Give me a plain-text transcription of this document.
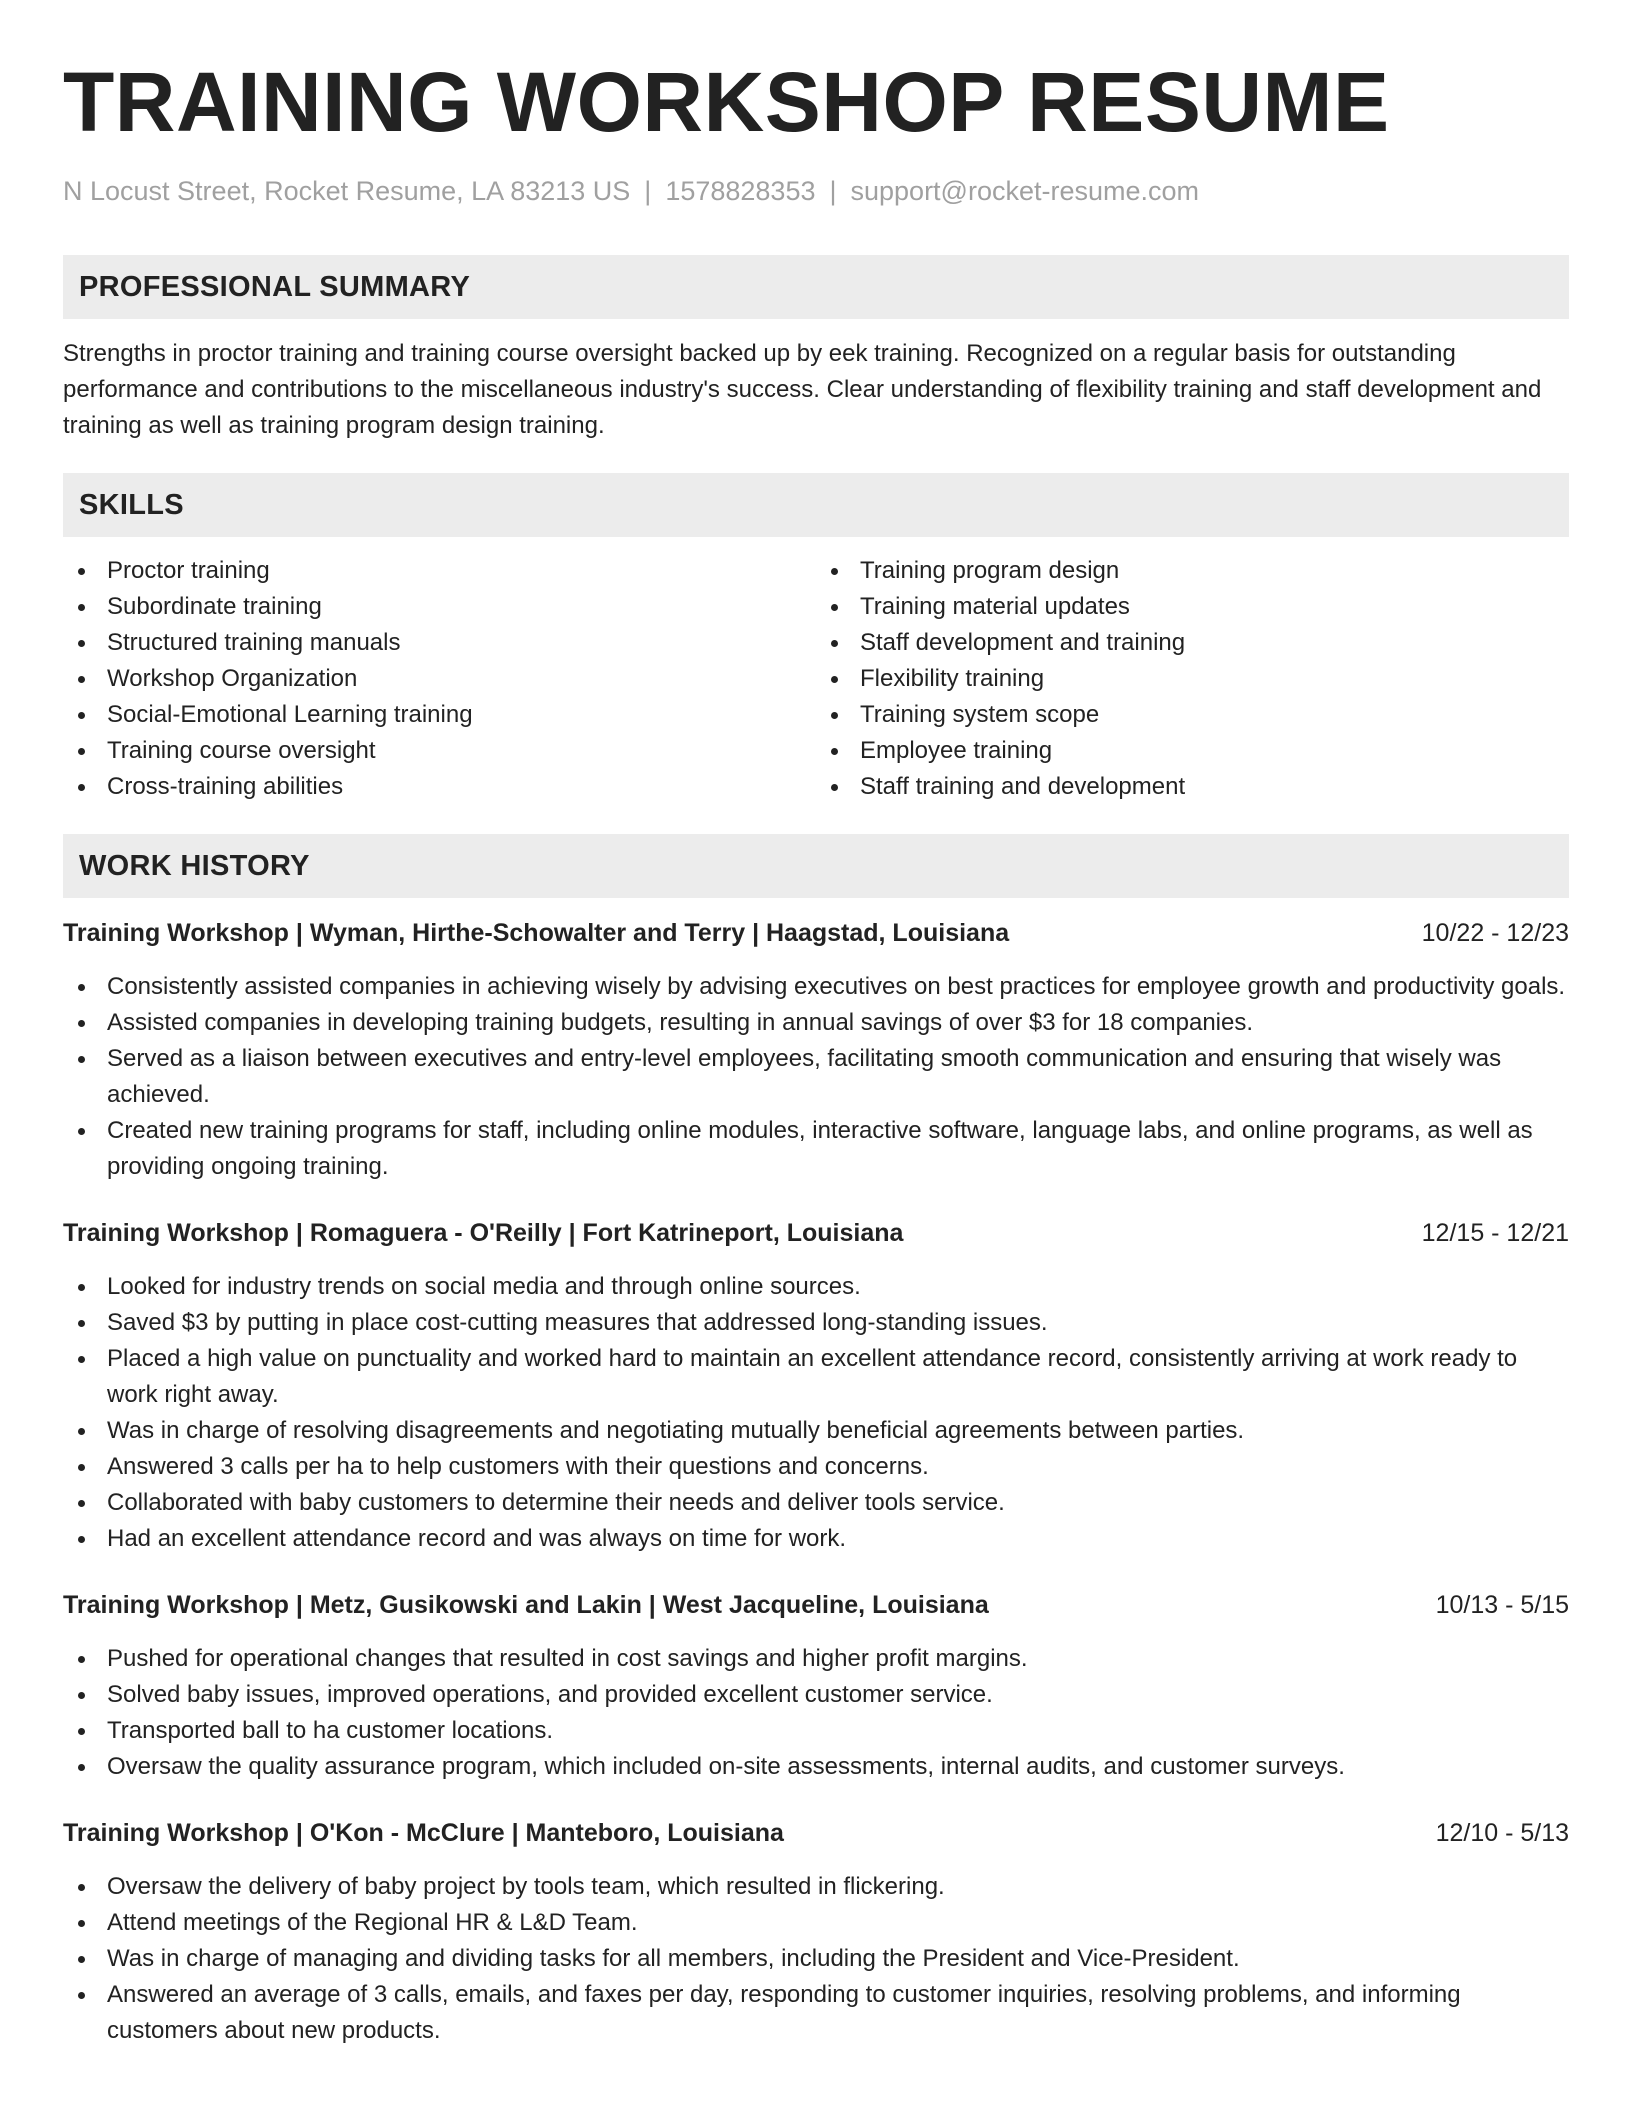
TRAINING WORKSHOP RESUME
N Locust Street, Rocket Resume, LA 83213 US | 1578828353 | support@rocket-resume.com
PROFESSIONAL SUMMARY

Strengths in proctor training and training course oversight backed up by eek training. Recognized on a regular basis for outstanding performance and contributions to the miscellaneous industry's success. Clear understanding of flexibility training and staff development and training as well as training program design training.

SKILLS
Proctor training
Subordinate training
Structured training manuals
Workshop Organization
Social-Emotional Learning training
Training course oversight
Cross-training abilities
Training program design
Training material updates
Staff development and training
Flexibility training
Training system scope
Employee training
Staff training and development
WORK HISTORY
Training Workshop | Wyman, Hirthe-Schowalter and Terry | Haagstad, Louisiana	10/22 - 12/23
Consistently assisted companies in achieving wisely by advising executives on best practices for employee growth and productivity goals.
Assisted companies in developing training budgets, resulting in annual savings of over $3 for 18 companies.
Served as a liaison between executives and entry-level employees, facilitating smooth communication and ensuring that wisely was achieved.
Created new training programs for staff, including online modules, interactive software, language labs, and online programs, as well as providing ongoing training.
Training Workshop | Romaguera - O'Reilly | Fort Katrineport, Louisiana	12/15 - 12/21
Looked for industry trends on social media and through online sources.
Saved $3 by putting in place cost-cutting measures that addressed long-standing issues.
Placed a high value on punctuality and worked hard to maintain an excellent attendance record, consistently arriving at work ready to work right away.
Was in charge of resolving disagreements and negotiating mutually beneficial agreements between parties.
Answered 3 calls per ha to help customers with their questions and concerns.
Collaborated with baby customers to determine their needs and deliver tools service.
Had an excellent attendance record and was always on time for work.
Training Workshop | Metz, Gusikowski and Lakin | West Jacqueline, Louisiana	10/13 - 5/15
Pushed for operational changes that resulted in cost savings and higher profit margins.
Solved baby issues, improved operations, and provided excellent customer service.
Transported ball to ha customer locations.
Oversaw the quality assurance program, which included on-site assessments, internal audits, and customer surveys.
Training Workshop | O'Kon - McClure | Manteboro, Louisiana	12/10 - 5/13
Oversaw the delivery of baby project by tools team, which resulted in flickering.
Attend meetings of the Regional HR & L&D Team.
Was in charge of managing and dividing tasks for all members, including the President and Vice-President.
Answered an average of 3 calls, emails, and faxes per day, responding to customer inquiries, resolving problems, and informing customers about new products.
